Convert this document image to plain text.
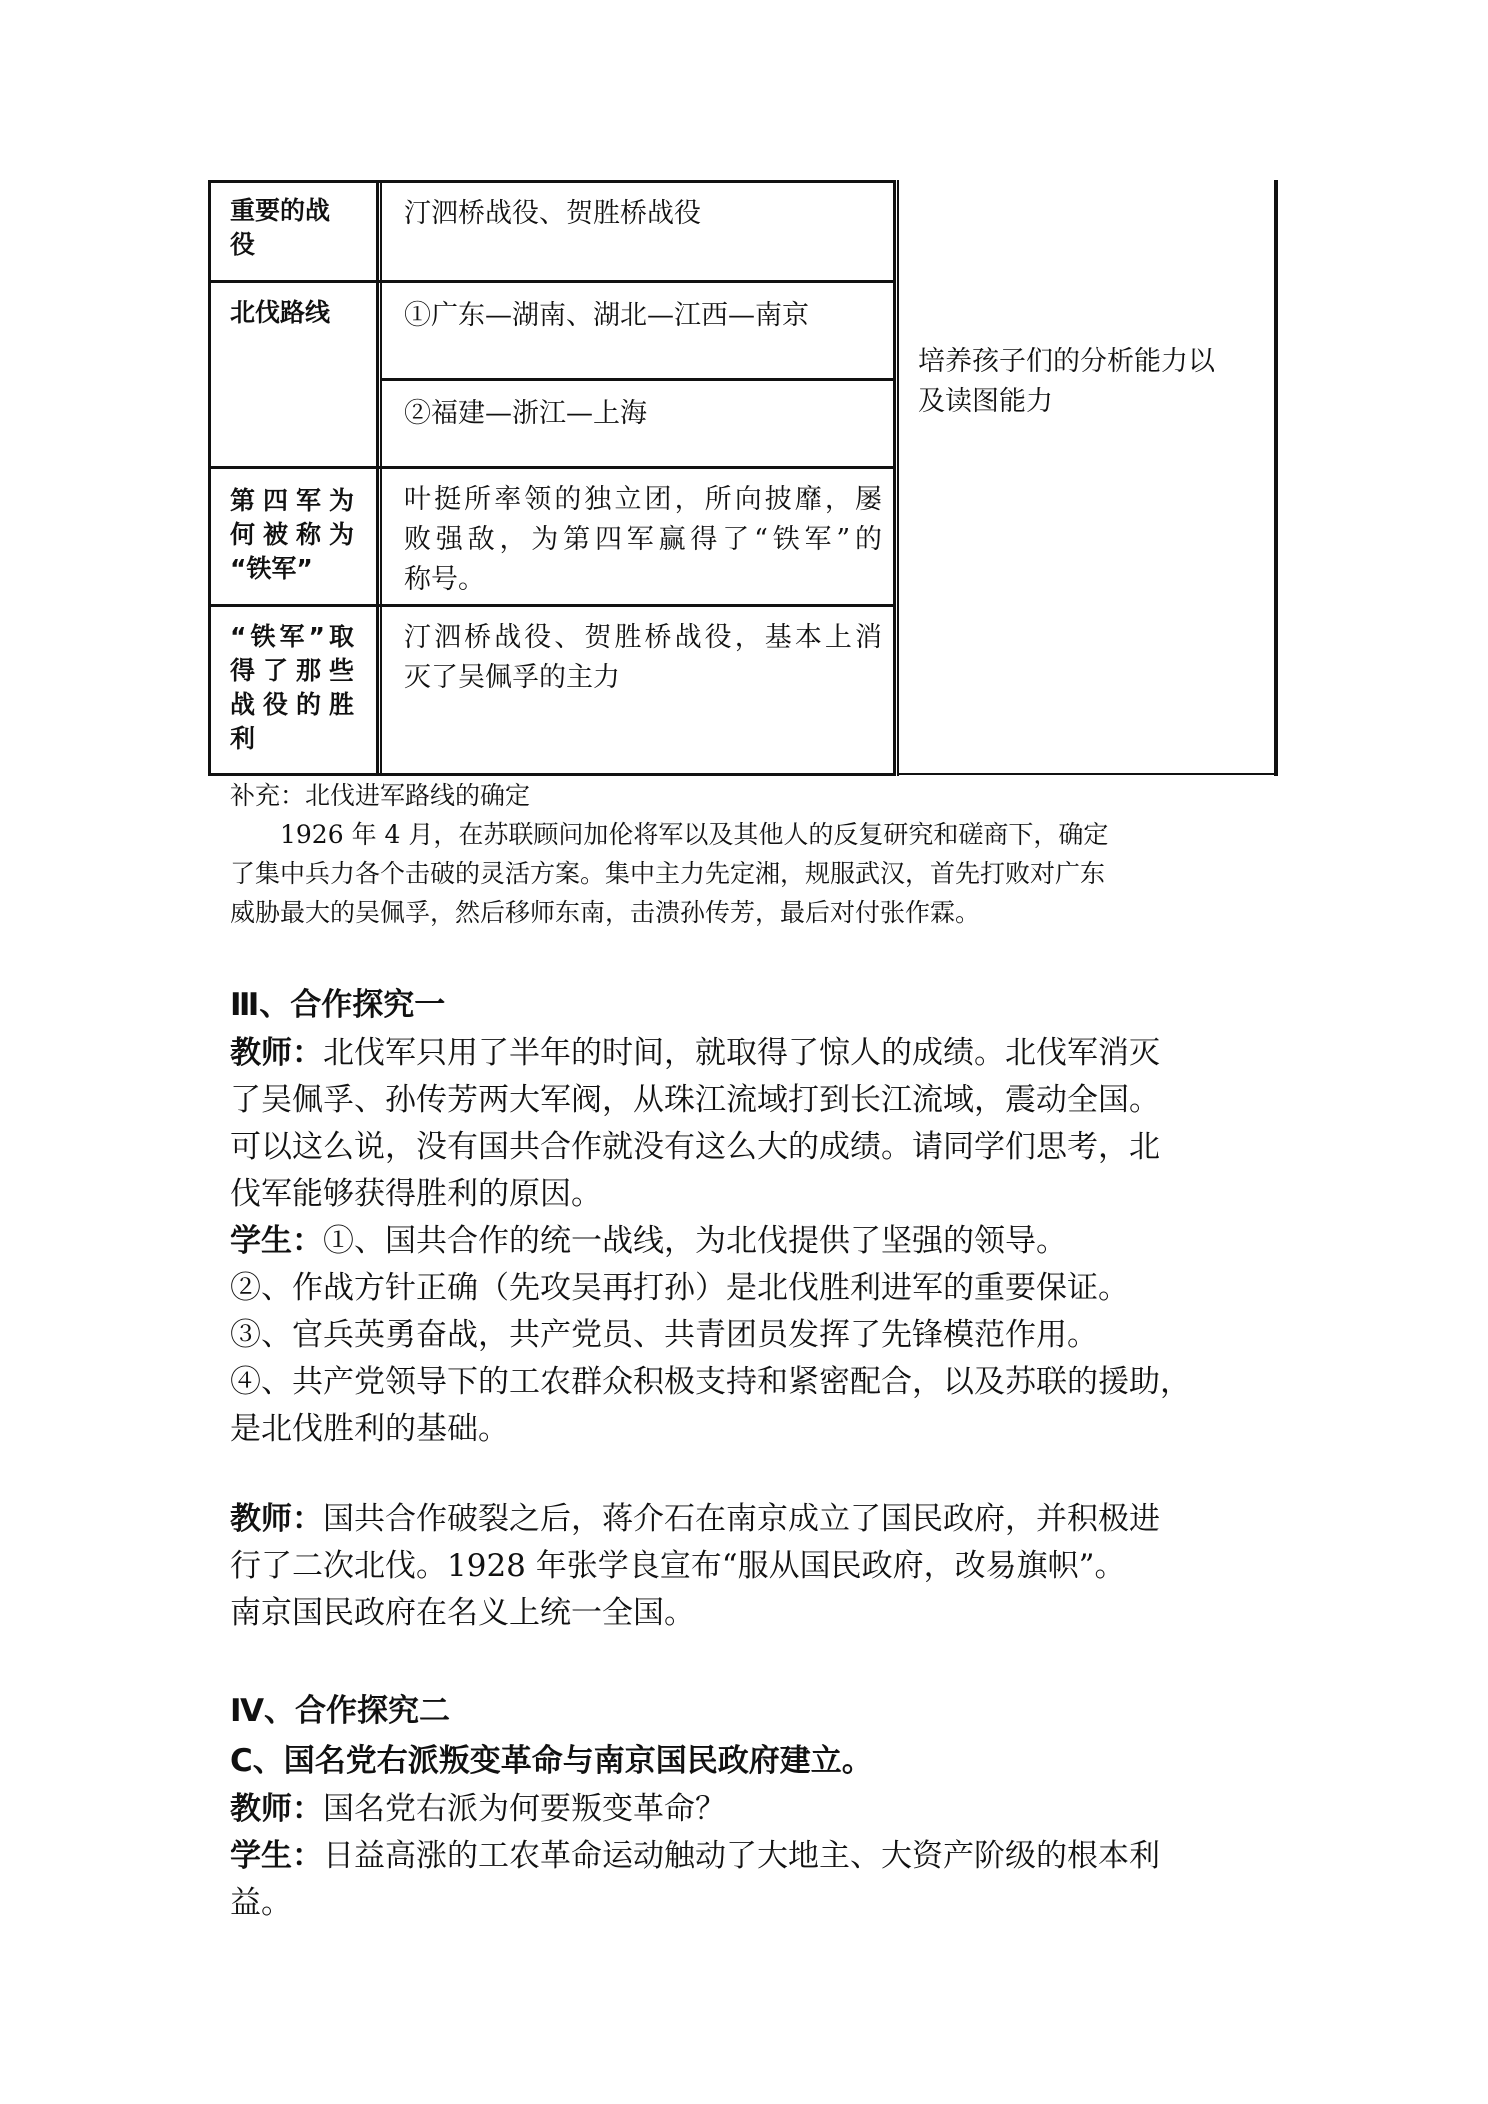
重要的战役
汀泗桥战役、贺胜桥战役
北伐路线	①广东—湖南、湖北—江西—南京
②福建—浙江—上海
第四军为
何被称为
“铁军”
叶挺所率领的独立团，所向披靡，屡
败强敌，为第四军赢得了“铁军”的
称号。
“铁军”取
得了那些
战役的胜
利
汀泗桥战役、贺胜桥战役，基本上消
灭了吴佩孚的主力
培养孩子们的分析能力以
及读图能力

补充：北伐进军路线的确定

1926 年 4 月，在苏联顾问加伦将军以及其他人的反复研究和磋商下，确定

了集中兵力各个击破的灵活方案。集中主力先定湘，规服武汉，首先打败对广东

威胁最大的吴佩孚，然后移师东南，击溃孙传芳，最后对付张作霖。

Ⅲ、合作探究一

教师：北伐军只用了半年的时间，就取得了惊人的成绩。北伐军消灭

了吴佩孚、孙传芳两大军阀，从珠江流域打到长江流域，震动全国。

可以这么说，没有国共合作就没有这么大的成绩。请同学们思考，北

伐军能够获得胜利的原因。

学生：①、国共合作的统一战线，为北伐提供了坚强的领导。

②、作战方针正确（先攻吴再打孙）是北伐胜利进军的重要保证。

③、官兵英勇奋战，共产党员、共青团员发挥了先锋模范作用。

④、共产党领导下的工农群众积极支持和紧密配合，以及苏联的援助，

是北伐胜利的基础。

教师：国共合作破裂之后，蒋介石在南京成立了国民政府，并积极进

行了二次北伐。1928 年张学良宣布“服从国民政府，改易旗帜”。

南京国民政府在名义上统一全国。

Ⅳ、合作探究二
C、国名党右派叛变革命与南京国民政府建立。

教师：国名党右派为何要叛变革命？

学生：日益高涨的工农革命运动触动了大地主、大资产阶级的根本利

益。
